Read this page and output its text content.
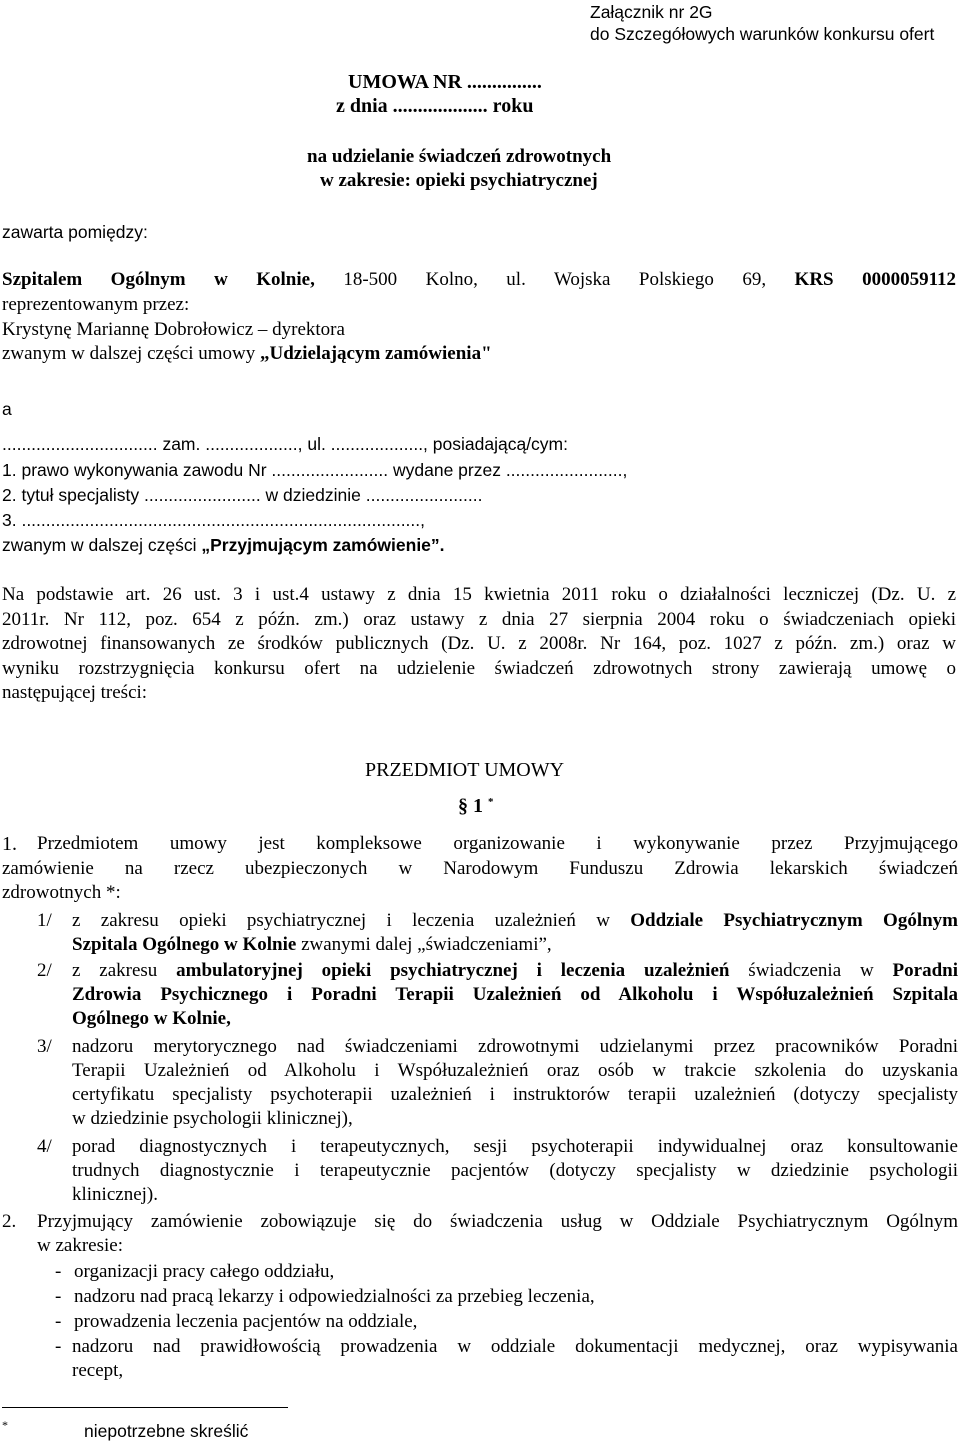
Załącznik nr 2G
do Szczegółowych warunków konkursu ofert
UMOWA NR ...............
z dnia ................... roku
na udzielanie świadczeń zdrowotnych
w zakresie: opieki psychiatrycznej
zawarta pomiędzy:
Szpitalem Ogólnym w Kolnie, 18-500 Kolno, ul. Wojska Polskiego 69, KRS 0000059112
reprezentowanym przez:
Krystynę Mariannę Dobrołowicz – dyrektora
zwanym w dalszej części umowy „Udzielającym zamówienia"
a
................................ zam. ..................., ul. ..................., posiadającą/cym:
1. prawo wykonywania zawodu Nr ........................ wydane przez ........................,
2. tytuł specjalisty ........................ w dziedzinie ........................
3. ..................................................................................,
zwanym w dalszej części „Przyjmującym zamówienie”.
Na podstawie art. 26 ust. 3 i ust.4 ustawy z dnia 15 kwietnia 2011 roku o działalności leczniczej (Dz. U. z
2011r. Nr 112, poz. 654 z późn. zm.) oraz ustawy z dnia 27 sierpnia 2004 roku o świadczeniach opieki
zdrowotnej finansowanych ze środków publicznych (Dz. U. z 2008r. Nr 164, poz. 1027 z późn. zm.) oraz w
wyniku rozstrzygnięcia konkursu ofert na udzielenie świadczeń zdrowotnych strony zawierają umowę o
następującej treści:
PRZEDMIOT UMOWY
§ 1 *
1. Przedmiotem umowy jest kompleksowe organizowanie i wykonywanie przez Przyjmującego
zamówienie na rzecz ubezpieczonych w Narodowym Funduszu Zdrowia lekarskich świadczeń
zdrowotnych *:
1/ z zakresu opieki psychiatrycznej i leczenia uzależnień w Oddziale Psychiatrycznym Ogólnym
Szpitala Ogólnego w Kolnie zwanymi dalej „świadczeniami”,
2/ z zakresu ambulatoryjnej opieki psychiatrycznej i leczenia uzależnień świadczenia w Poradni
Zdrowia Psychicznego i Poradni Terapii Uzależnień od Alkoholu i Współuzależnień Szpitala
Ogólnego w Kolnie,
3/ nadzoru merytorycznego nad świadczeniami zdrowotnymi udzielanymi przez pracowników Poradni
Terapii Uzależnień od Alkoholu i Współuzależnień oraz osób w trakcie szkolenia do uzyskania
certyfikatu specjalisty psychoterapii uzależnień i instruktorów terapii uzależnień (dotyczy specjalisty
w dziedzinie psychologii klinicznej),
4/ porad diagnostycznych i terapeutycznych, sesji psychoterapii indywidualnej oraz konsultowanie
trudnych diagnostycznie i terapeutycznie pacjentów (dotyczy specjalisty w dziedzinie psychologii
klinicznej).
2. Przyjmujący zamówienie zobowiązuje się do świadczenia usług w Oddziale Psychiatrycznym Ogólnym
w zakresie:
- organizacji pracy całego oddziału,
- nadzoru nad pracą lekarzy i odpowiedzialności za przebieg leczenia,
- prowadzenia leczenia pacjentów na oddziale,
- nadzoru nad prawidłowością prowadzenia w oddziale dokumentacji medycznej, oraz wypisywania
recept,
*	niepotrzebne skreślić
